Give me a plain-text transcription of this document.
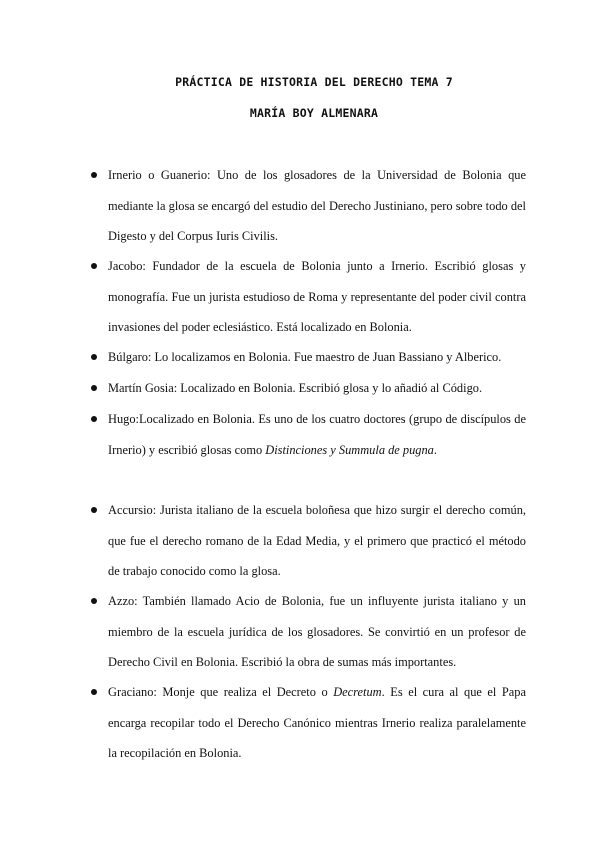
PRÁCTICA DE HISTORIA DEL DERECHO TEMA 7
MARÍA BOY ALMENARA
Irnerio o Guanerio: Uno de los glosadores de la Universidad de Bolonia que mediante la glosa se encargó del estudio del Derecho Justiniano, pero sobre todo del Digesto y del Corpus Iuris Civilis.
Jacobo: Fundador de la escuela de Bolonia junto a Irnerio. Escribió glosas y monografía. Fue un jurista estudioso de Roma y representante del poder civil contra invasiones del poder eclesiástico. Está localizado en Bolonia.
Búlgaro: Lo localizamos en Bolonia. Fue maestro de Juan Bassiano y Alberico.
Martín Gosia: Localizado en Bolonia. Escribió glosa y lo añadió al Código.
Hugo:Localizado en Bolonia. Es uno de los cuatro doctores (grupo de discípulos de Irnerio) y escribió glosas como Distinciones y Summula de pugna.
Accursio: Jurista italiano de la escuela boloñesa que hizo surgir el derecho común, que fue el derecho romano de la Edad Media, y el primero que practicó el método de trabajo conocido como la glosa.
Azzo: También llamado Acio de Bolonia, fue un influyente jurista italiano y un miembro de la escuela jurídica de los glosadores. Se convirtió en un profesor de Derecho Civil en Bolonia. Escribió la obra de sumas más importantes.
Graciano: Monje que realiza el Decreto o Decretum. Es el cura al que el Papa encarga recopilar todo el Derecho Canónico mientras Irnerio realiza paralelamente la recopilación en Bolonia.
